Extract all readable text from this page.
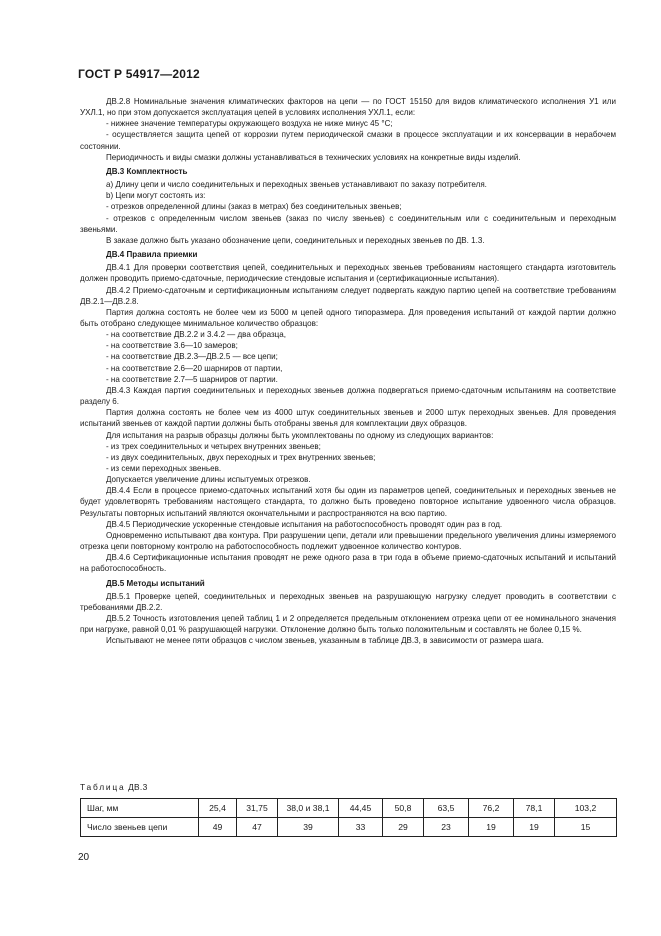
ГОСТ Р 54917—2012

ДВ.2.8 Номинальные значения климатических факторов на цепи — по ГОСТ 15150 для видов климатического исполнения У1 или УХЛ.1, но при этом допускается эксплуатация цепей в условиях исполнения УХЛ.1, если:

- нижнее значение температуры окружающего воздуха не ниже минус 45 °С;

- осуществляется защита цепей от коррозии путем периодической смазки в процессе эксплуатации и их консервации в нерабочем состоянии.

Периодичность и виды смазки должны устанавливаться в технических условиях на конкретные виды изделий.

ДВ.3 Комплектность

a) Длину цепи и число соединительных и переходных звеньев устанавливают по заказу потребителя.

b) Цепи могут состоять из:

- отрезков определенной длины (заказ в метрах) без соединительных звеньев;

- отрезков с определенным числом звеньев (заказ по числу звеньев) с соединительным или с соединительным и переходным звеньями.

В заказе должно быть указано обозначение цепи, соединительных и переходных звеньев по ДВ. 1.3.

ДВ.4 Правила приемки

ДВ.4.1 Для проверки соответствия цепей, соединительных и переходных звеньев требованиям настоящего стандарта изготовитель должен проводить приемо-сдаточные, периодические стендовые испытания и (сертификационные испытания).

ДВ.4.2 Приемо-сдаточным и сертификационным испытаниям следует подвергать каждую партию цепей на соответствие требованиям ДВ.2.1—ДВ.2.8.

Партия должна состоять не более чем из 5000 м цепей одного типоразмера. Для проведения испытаний от каждой партии должно быть отобрано следующее минимальное количество образцов:

- на соответствие ДВ.2.2 и 3.4.2 — два образца,

- на соответствие 3.6—10 замеров;

- на соответствие ДВ.2.3—ДВ.2.5 — все цепи;

- на соответствие 2.6—20 шарниров от партии,

- на соответствие 2.7—5 шарниров от партии.

ДВ.4.3 Каждая партия соединительных и переходных звеньев должна подвергаться приемо-сдаточным испытаниям на соответствие разделу 6.

Партия должна состоять не более чем из 4000 штук соединительных звеньев и 2000 штук переходных звеньев. Для проведения испытаний звеньев от каждой партии должны быть отобраны звенья для комплектации двух образцов.

Для испытания на разрыв образцы должны быть укомплектованы по одному из следующих вариантов:

- из трех соединительных и четырех внутренних звеньев;

- из двух соединительных, двух переходных и трех внутренних звеньев;

- из семи переходных звеньев.

Допускается увеличение длины испытуемых отрезков.

ДВ.4.4 Если в процессе приемо-сдаточных испытаний хотя бы один из параметров цепей, соединительных и переходных звеньев не будет удовлетворять требованиям настоящего стандарта, то должно быть проведено повторное испытание удвоенного числа образцов. Результаты повторных испытаний являются окончательными и распространяются на всю партию.

ДВ.4.5 Периодические ускоренные стендовые испытания на работоспособность проводят один раз в год.

Одновременно испытывают два контура. При разрушении цепи, детали или превышении предельного увеличения длины измеряемого отрезка цепи повторному контролю на работоспособность подлежит удвоенное количество контуров.

ДВ.4.6 Сертификационные испытания проводят не реже одного раза в три года в объеме приемо-сдаточных испытаний и испытаний на работоспособность.

ДВ.5 Методы испытаний

ДВ.5.1 Проверке цепей, соединительных и переходных звеньев на разрушающую нагрузку следует проводить в соответствии с требованиями ДВ.2.2.

ДВ.5.2 Точность изготовления цепей таблиц 1 и 2 определяется предельным отклонением отрезка цепи от ее номинального значения при нагрузке, равной 0,01 % разрушающей нагрузки. Отклонение должно быть только положительным и составлять не более 0,15 %.

Испытывают не менее пяти образцов с числом звеньев, указанным в таблице ДВ.3, в зависимости от размера шага.

Таблица ДВ.3
Шаг, мм	25,4	31,75	38,0 и 38,1	44,45	50,8	63,5	76,2	78,1	103,2
Число звеньев цепи	49	47	39	33	29	23	19	19	15
20
